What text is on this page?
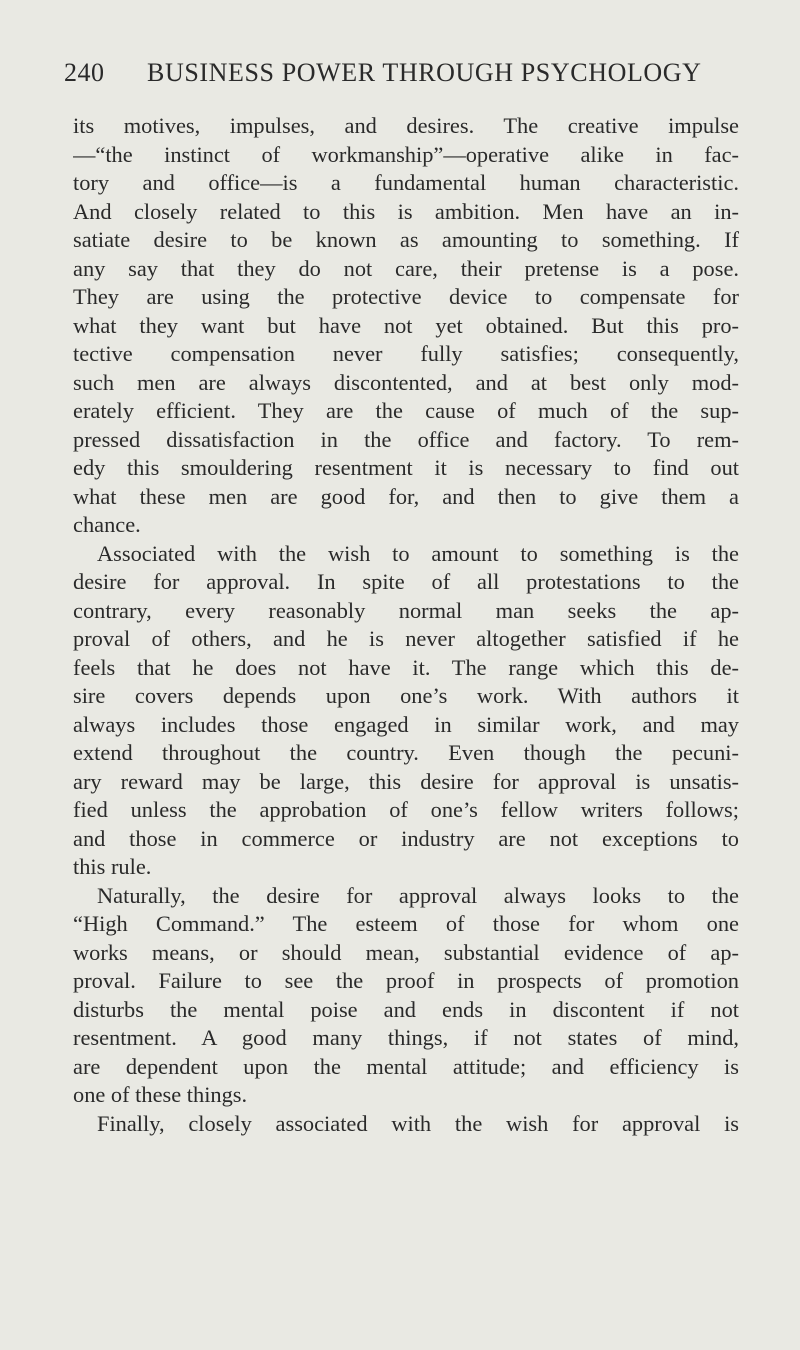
240 BUSINESS POWER THROUGH PSYCHOLOGY
its motives, impulses, and desires. The creative impulse
—“the instinct of workmanship”—operative alike in fac-
tory and office—is a fundamental human characteristic.
And closely related to this is ambition. Men have an in-
satiate desire to be known as amounting to something. If
any say that they do not care, their pretense is a pose.
They are using the protective device to compensate for
what they want but have not yet obtained. But this pro-
tective compensation never fully satisfies; consequently,
such men are always discontented, and at best only mod-
erately efficient. They are the cause of much of the sup-
pressed dissatisfaction in the office and factory. To rem-
edy this smouldering resentment it is necessary to find out
what these men are good for, and then to give them a
chance.
Associated with the wish to amount to something is the
desire for approval. In spite of all protestations to the
contrary, every reasonably normal man seeks the ap-
proval of others, and he is never altogether satisfied if he
feels that he does not have it. The range which this de-
sire covers depends upon one’s work. With authors it
always includes those engaged in similar work, and may
extend throughout the country. Even though the pecuni-
ary reward may be large, this desire for approval is unsatis-
fied unless the approbation of one’s fellow writers follows;
and those in commerce or industry are not exceptions to
this rule.
Naturally, the desire for approval always looks to the
“High Command.” The esteem of those for whom one
works means, or should mean, substantial evidence of ap-
proval. Failure to see the proof in prospects of promotion
disturbs the mental poise and ends in discontent if not
resentment. A good many things, if not states of mind,
are dependent upon the mental attitude; and efficiency is
one of these things.
Finally, closely associated with the wish for approval is
